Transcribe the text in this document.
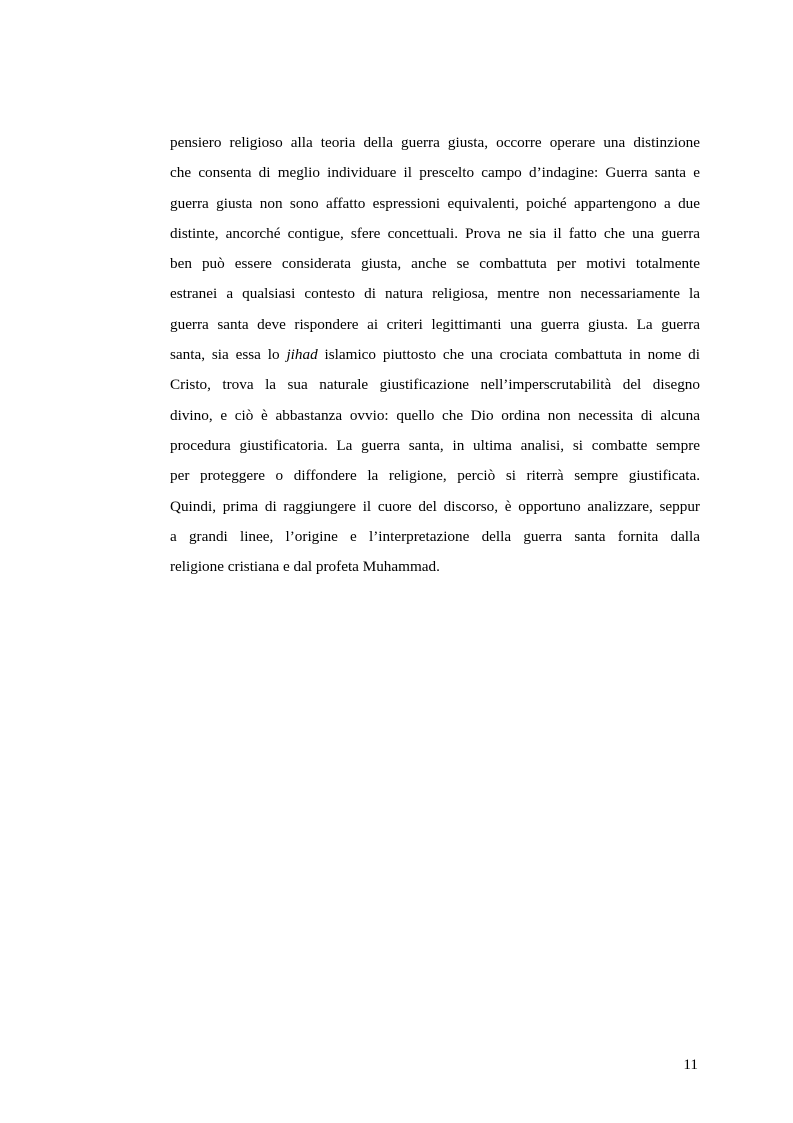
pensiero religioso alla teoria della guerra giusta, occorre operare una distinzione
che consenta di meglio individuare il prescelto campo d’indagine: Guerra santa e
guerra giusta non sono affatto espressioni equivalenti, poiché appartengono a due
distinte, ancorché contigue, sfere concettuali. Prova ne sia il fatto che una guerra
ben può essere considerata giusta, anche se combattuta per motivi totalmente
estranei a qualsiasi contesto di natura religiosa, mentre non necessariamente la
guerra santa deve rispondere ai criteri legittimanti una guerra giusta. La guerra
santa, sia essa lo jihad islamico piuttosto che una crociata combattuta in nome di
Cristo, trova la sua naturale giustificazione nell’imperscrutabilità del disegno
divino, e ciò è abbastanza ovvio: quello che Dio ordina non necessita di alcuna
procedura giustificatoria. La guerra santa, in ultima analisi, si combatte sempre
per proteggere o diffondere la religione, perciò si riterrà sempre giustificata.
Quindi, prima di raggiungere il cuore del discorso, è opportuno analizzare, seppur
a grandi linee, l’origine e l’interpretazione della guerra santa fornita dalla
religione cristiana e dal profeta Muhammad.

11
